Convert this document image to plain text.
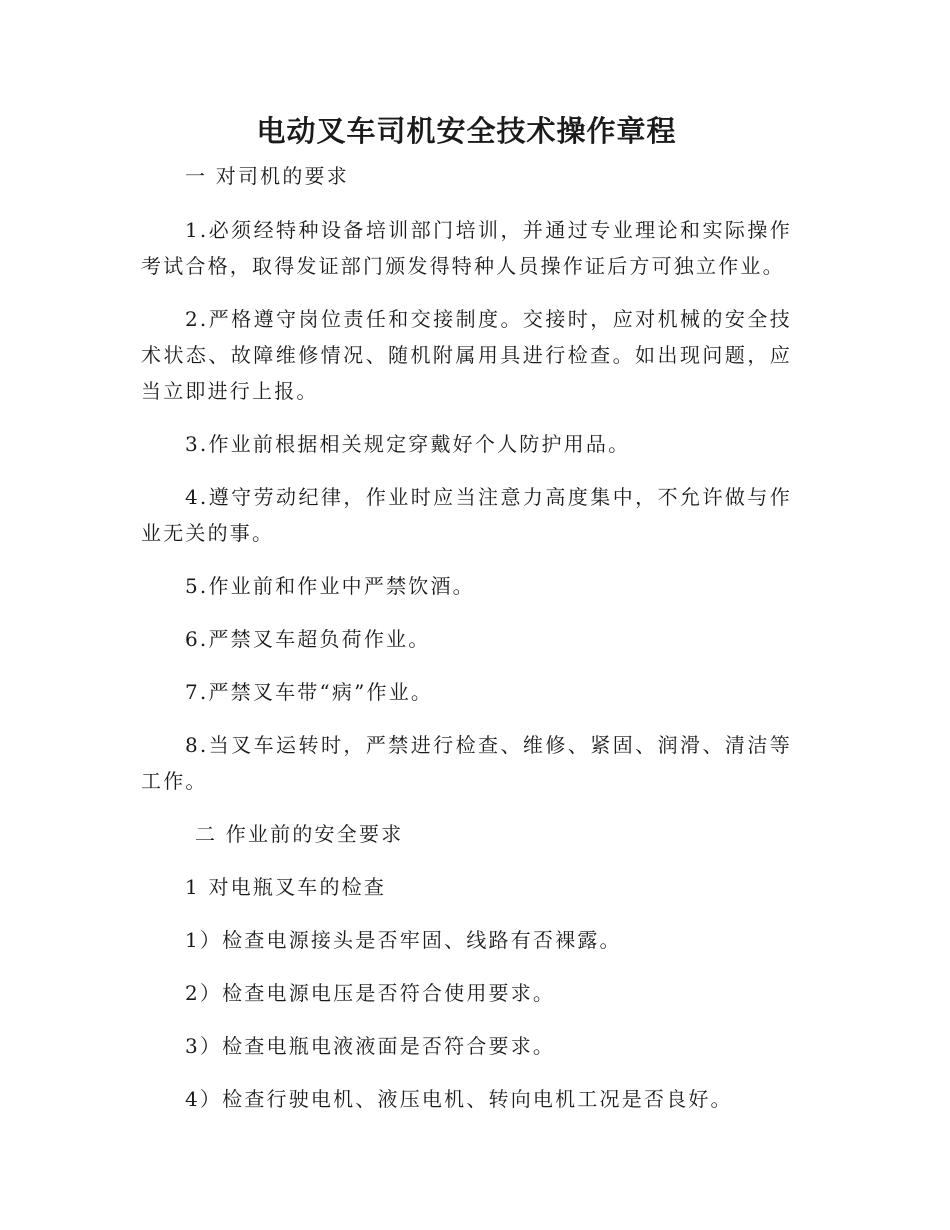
电动叉车司机安全技术操作章程

一 对司机的要求

1.必须经特种设备培训部门培训，并通过专业理论和实际操作考试合格，取得发证部门颁发得特种人员操作证后方可独立作业。

2.严格遵守岗位责任和交接制度。交接时，应对机械的安全技术状态、故障维修情况、随机附属用具进行检查。如出现问题，应当立即进行上报。

3.作业前根据相关规定穿戴好个人防护用品。

4.遵守劳动纪律，作业时应当注意力高度集中，不允许做与作业无关的事。

5.作业前和作业中严禁饮酒。

6.严禁叉车超负荷作业。

7.严禁叉车带“病”作业。

8.当叉车运转时，严禁进行检查、维修、紧固、润滑、清洁等工作。

二 作业前的安全要求

1 对电瓶叉车的检查

1）检查电源接头是否牢固、线路有否裸露。

2）检查电源电压是否符合使用要求。

3）检查电瓶电液液面是否符合要求。

4）检查行驶电机、液压电机、转向电机工况是否良好。
